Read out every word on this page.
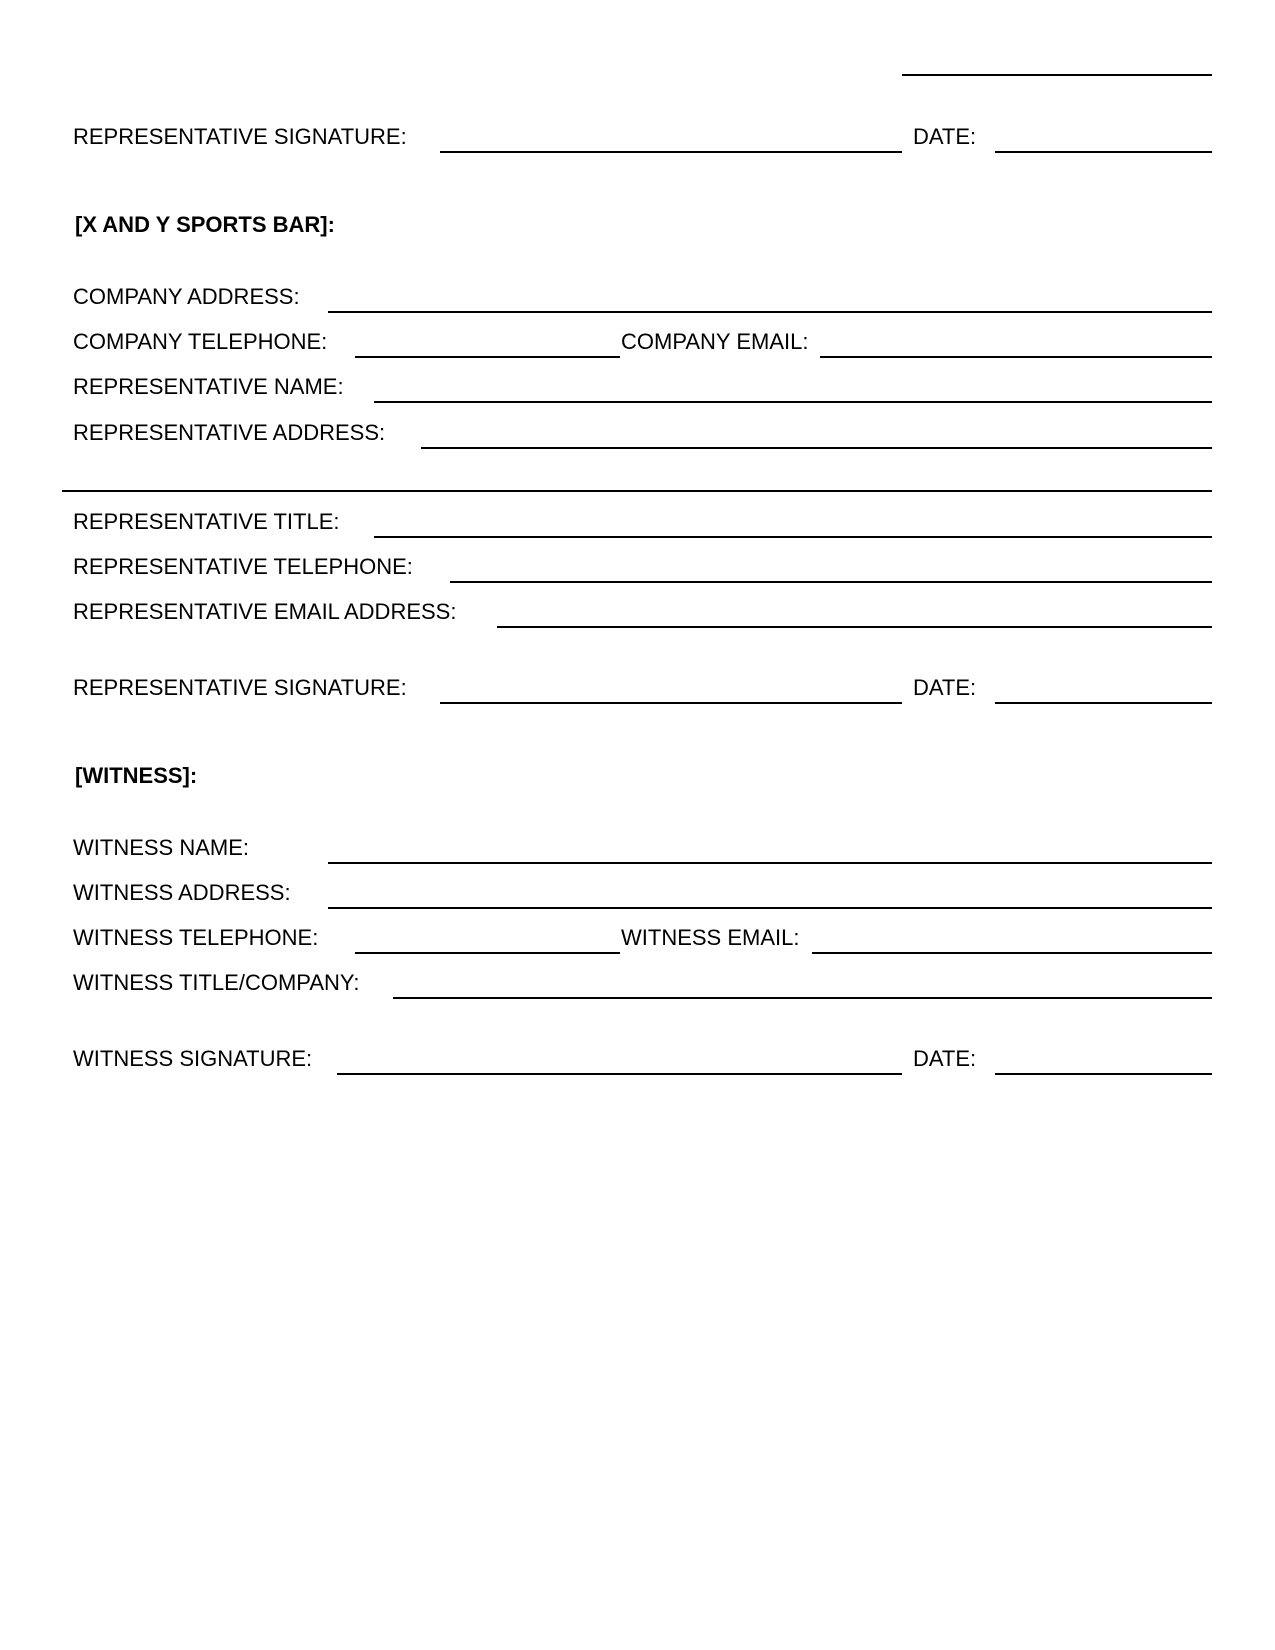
REPRESENTATIVE SIGNATURE:	DATE:
[X AND Y SPORTS BAR]:
COMPANY ADDRESS:
COMPANY TELEPHONE:	COMPANY EMAIL:
REPRESENTATIVE NAME:
REPRESENTATIVE ADDRESS:
REPRESENTATIVE TITLE:
REPRESENTATIVE TELEPHONE:
REPRESENTATIVE EMAIL ADDRESS:
REPRESENTATIVE SIGNATURE:	DATE:
[WITNESS]:
WITNESS NAME:
WITNESS ADDRESS:
WITNESS TELEPHONE:	WITNESS EMAIL:
WITNESS TITLE/COMPANY:
WITNESS SIGNATURE:	DATE:
